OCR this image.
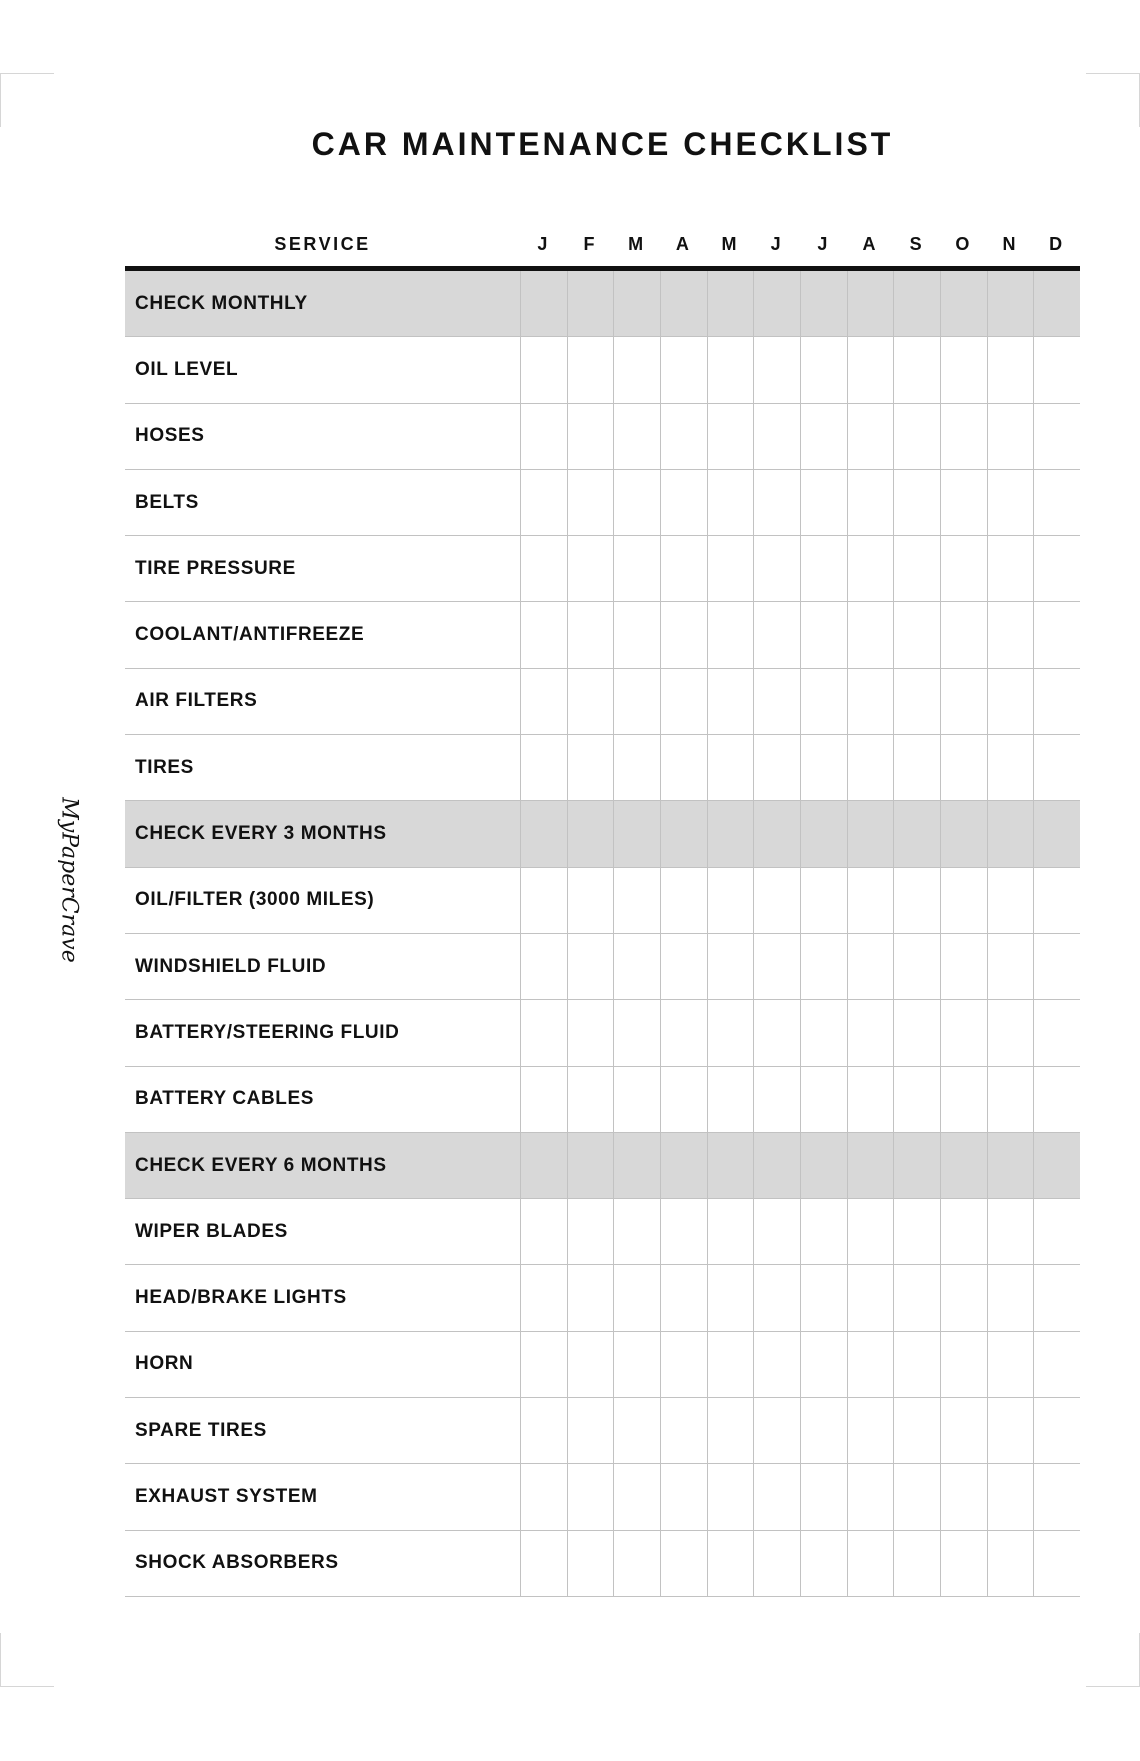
CAR MAINTENANCE CHECKLIST
MyPaperCrave
SERVICE	J	F	M	A	M	J	J	A	S	O	N	D
CHECK MONTHLY
OIL LEVEL
HOSES
BELTS
TIRE PRESSURE
COOLANT/ANTIFREEZE
AIR FILTERS
TIRES
CHECK EVERY 3 MONTHS
OIL/FILTER (3000 MILES)
WINDSHIELD FLUID
BATTERY/STEERING FLUID
BATTERY CABLES
CHECK EVERY 6 MONTHS
WIPER BLADES
HEAD/BRAKE LIGHTS
HORN
SPARE TIRES
EXHAUST SYSTEM
SHOCK ABSORBERS
